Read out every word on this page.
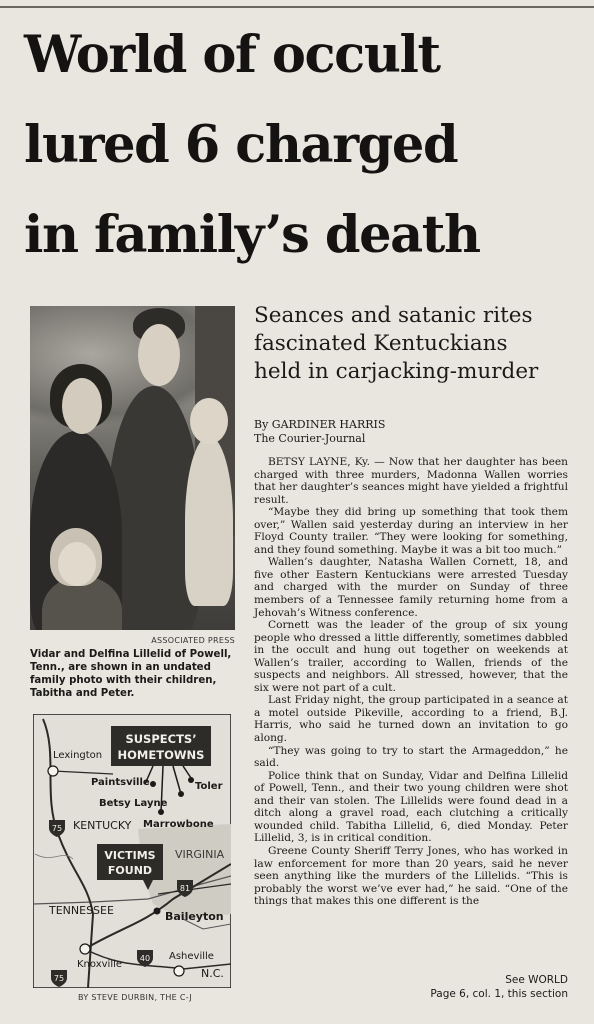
World of occult
lured 6 charged
in family’s death
ASSOCIATED PRESS
Vidar and Delfina Lillelid of Powell, Tenn., are shown in an undated family photo with their children, Tabitha and Peter.
SUSPECTS’
HOMETOWNS
VICTIMS
FOUND
Lexington
Paintsville	Toler
Betsy Layne
KENTUCKY Marrowbone
VIRGINIA
TENNESSEE	Baileyton
Asheville
Knoxville
N.C.
75
81
40
75
BY STEVE DURBIN, THE C-J
Seances and satanic rites
fascinated Kentuckians
held in carjacking-murder
By GARDINER HARRIS
The Courier-Journal

BETSY LAYNE, Ky. — Now that her daughter has been charged with three murders, Madonna Wallen worries that her daughter’s seances might have yielded a frightful result.

“Maybe they did bring up something that took them over,” Wallen said yesterday during an interview in her Floyd County trailer. “They were looking for something, and they found something. Maybe it was a bit too much.”

Wallen’s daughter, Natasha Wallen Cornett, 18, and five other Eastern Kentuckians were arrested Tuesday and charged with the murder on Sunday of three members of a Tennessee family returning home from a Jehovah’s Witness conference.

Cornett was the leader of the group of six young people who dressed a little differently, sometimes dabbled in the occult and hung out together on weekends at Wallen’s trailer, according to Wallen, friends of the suspects and neighbors. All stressed, however, that the six were not part of a cult.

Last Friday night, the group participated in a seance at a motel outside Pikeville, according to a friend, B.J. Harris, who said he turned down an invitation to go along.

“They was going to try to start the Armageddon,” he said.

Police think that on Sunday, Vidar and Delfina Lillelid of Powell, Tenn., and their two young children were shot and their van stolen. The Lillelids were found dead in a ditch along a gravel road, each clutching a critically wounded child. Tabitha Lillelid, 6, died Monday. Peter Lillelid, 3, is in critical condition.

Greene County Sheriff Terry Jones, who has worked in law enforcement for more than 20 years, said he never seen anything like the murders of the Lillelids. “This is probably the worst we’ve ever had,” he said. “One of the things that makes this one different is the

See WORLD
Page 6, col. 1, this section
